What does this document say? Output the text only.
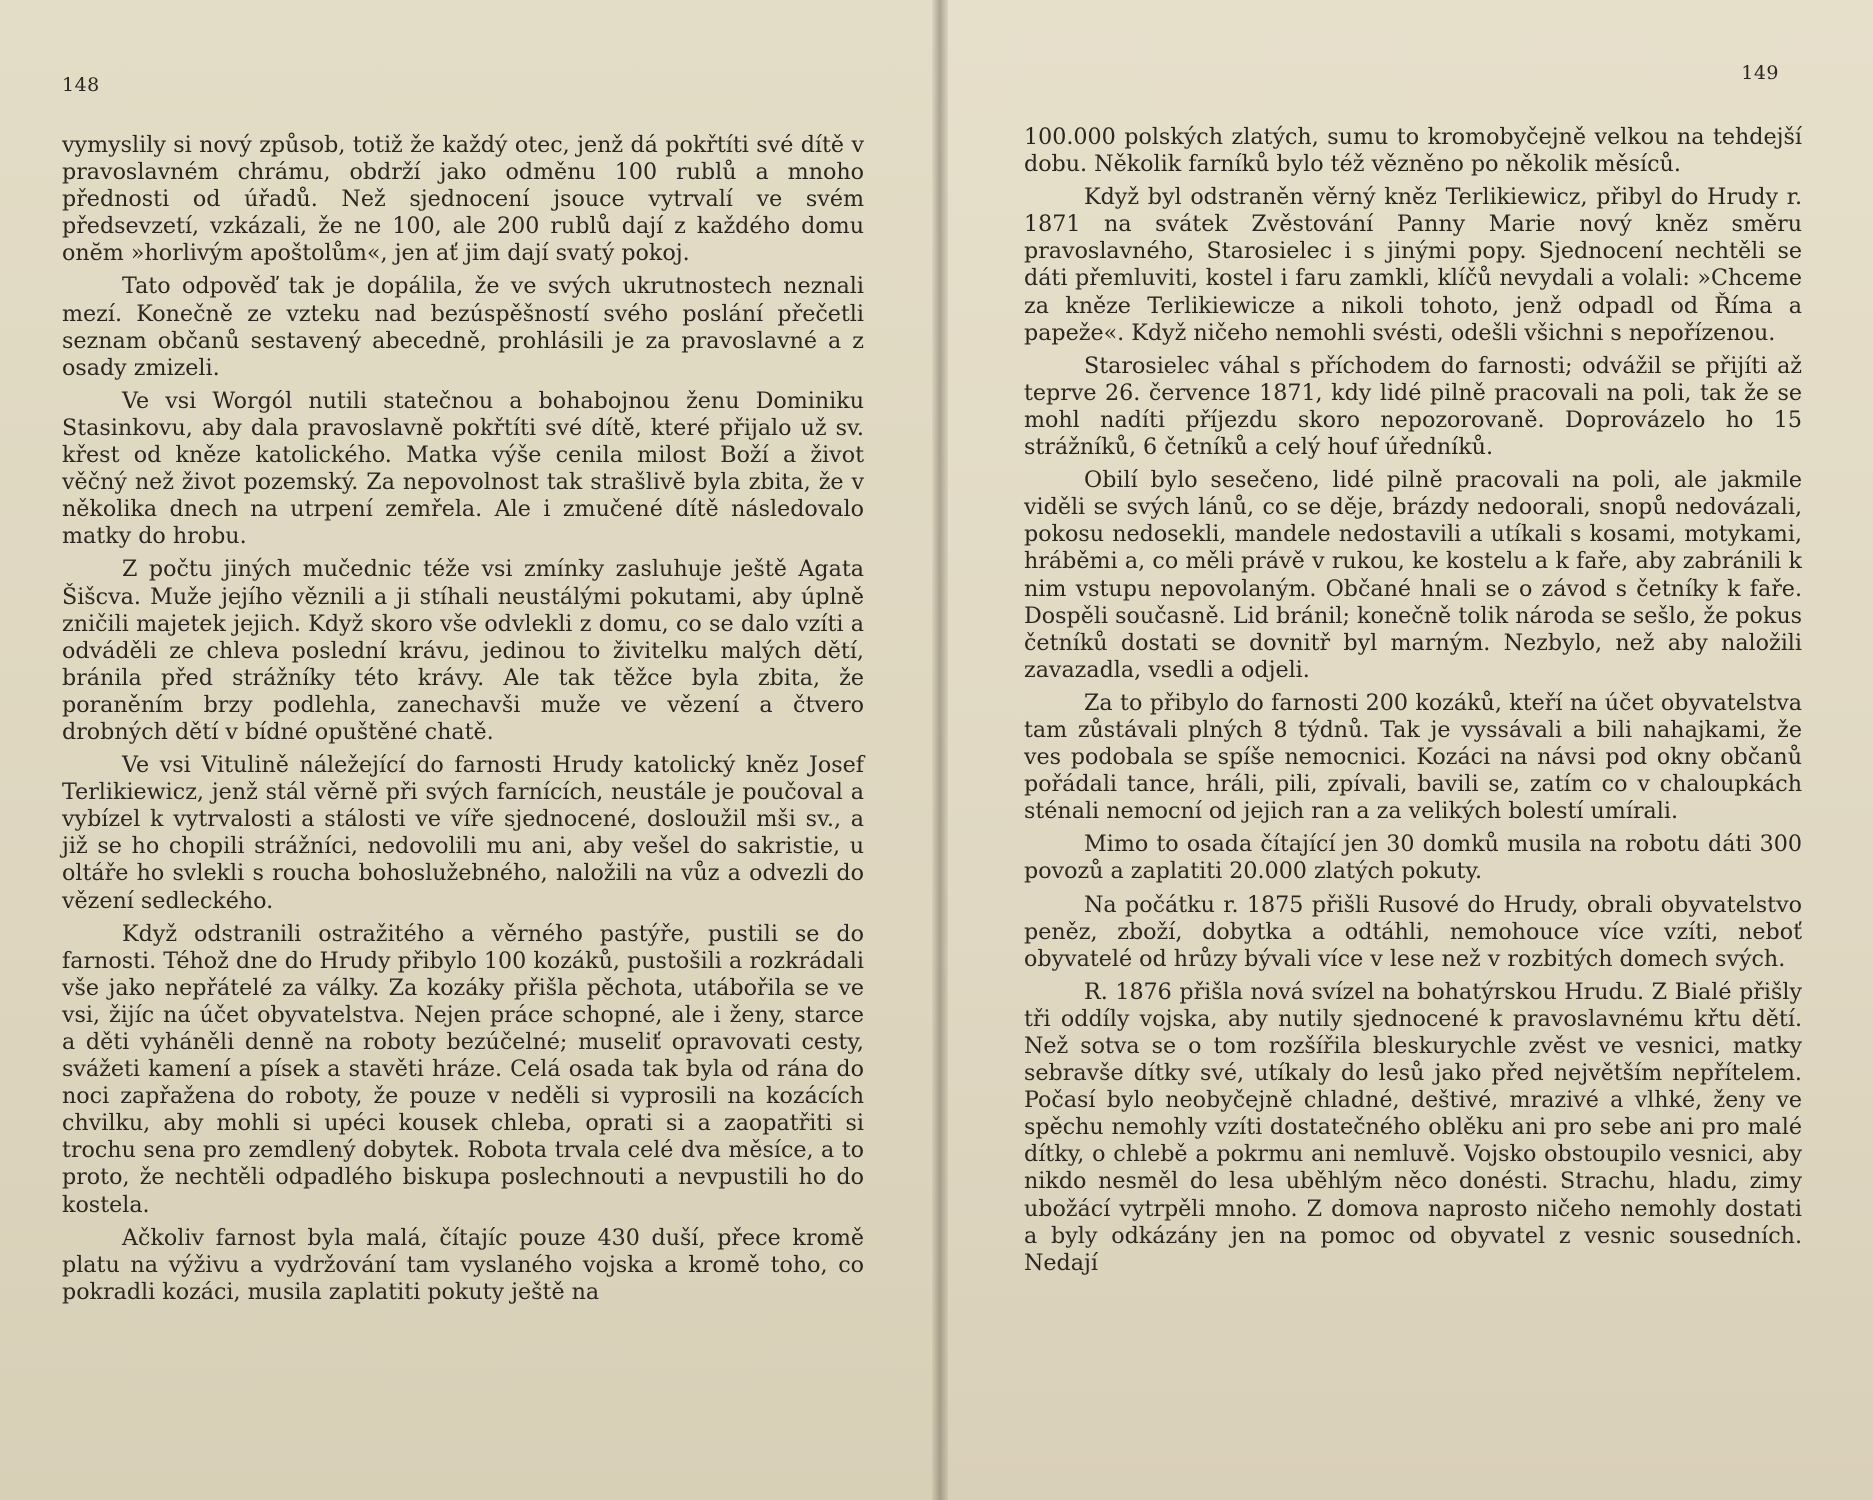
148

vymyslily si nový způsob, totiž že každý otec, jenž dá pokřtíti své dítě v pravoslavném chrámu, obdrží jako odměnu 100 rublů a mnoho přednosti od úřadů. Než sjednocení jsouce vytrvalí ve svém předsevzetí, vzkázali, že ne 100, ale 200 rublů dají z každého domu onĕm »horlivým apoštolům«, jen ať jim dají svatý pokoj.

Tato odpověď tak je dopálila, že ve svých ukrutnostech neznali mezí. Konečně ze vzteku nad bezúspěšností svého poslání přečetli seznam občanů sestavený abecedně, prohlásili je za pravoslavné a z osady zmizeli.

Ve vsi Worgól nutili statečnou a bohabojnou ženu Dominiku Stasinkovu, aby dala pravoslavně pokřtíti své dítě, které přijalo už sv. křest od kněze katolického. Matka výše cenila milost Boží a život věčný než život pozemský. Za nepovolnost tak strašlivě byla zbita, že v několika dnech na utrpení zemřela. Ale i zmučené dítě následovalo matky do hrobu.

Z počtu jiných mučednic téže vsi zmínky zasluhuje ještě Agata Šišcva. Muže jejího věznili a ji stíhali neustálými pokutami, aby úplně zničili majetek jejich. Když skoro vše odvlekli z domu, co se dalo vzíti a odváděli ze chleva poslední krávu, jedinou to živitelku malých dětí, bránila před strážníky této krávy. Ale tak těžce byla zbita, že poraněním brzy podlehla, zanechavši muže ve vězení a čtvero drobných dětí v bídné opuštěné chatě.

Ve vsi Vitulině náležející do farnosti Hrudy katolický kněz Josef Terlikiewicz, jenž stál věrně při svých farnících, neustále je poučoval a vybízel k vytrvalosti a stálosti ve víře sjednocené, dosloužil mši sv., a již se ho chopili strážníci, nedovolili mu ani, aby vešel do sakristie, u oltáře ho svlekli s roucha bohoslužebného, naložili na vůz a odvezli do vězení sedleckého.

Když odstranili ostražitého a věrného pastýře, pustili se do farnosti. Téhož dne do Hrudy přibylo 100 kozáků, pustošili a rozkrádali vše jako nepřátelé za války. Za kozáky přišla pěchota, utábořila se ve vsi, žijíc na účet obyvatelstva. Nejen práce schopné, ale i ženy, starce a děti vyháněli denně na roboty bezúčelné; museliť opravovati cesty, svážeti kamení a písek a stavěti hráze. Celá osada tak byla od rána do noci zapřažena do roboty, že pouze v neděli si vyprosili na kozácích chvilku, aby mohli si upéci kousek chleba, oprati si a zaopatřiti si trochu sena pro zemdlený dobytek. Robota trvala celé dva měsíce, a to proto, že nechtěli odpadlého biskupa poslechnouti a nevpustili ho do kostela.

Ačkoliv farnost byla malá, čítajíc pouze 430 duší, přece kromě platu na výživu a vydržování tam vyslaného vojska a kromě toho, co pokradli kozáci, musila zaplatiti pokuty ještě na

149

100.000 polských zlatých, sumu to kromobyčejně velkou na tehdejší dobu. Několik farníků bylo též vězněno po několik měsíců.

Když byl odstraněn věrný kněz Terlikiewicz, přibyl do Hrudy r. 1871 na svátek Zvěstování Panny Marie nový kněz směru pravoslavného, Starosielec i s jinými popy. Sjednocení nechtěli se dáti přemluviti, kostel i faru zamkli, klíčů nevydali a volali: »Chceme za kněze Terlikiewicze a nikoli tohoto, jenž odpadl od Říma a papeže«. Když ničeho nemohli svésti, odešli všichni s nepořízenou.

Starosielec váhal s příchodem do farnosti; odvážil se přijíti až teprve 26. července 1871, kdy lidé pilně pracovali na poli, tak že se mohl nadíti příjezdu skoro nepozorovaně. Doprovázelo ho 15 strážníků, 6 četníků a celý houf úředníků.

Obilí bylo sesečeno, lidé pilně pracovali na poli, ale jakmile viděli se svých lánů, co se děje, brázdy nedoorali, snopů nedovázali, pokosu nedosekli, mandele nedostavili a utíkali s kosami, motykami, hráběmi a, co měli právě v rukou, ke kostelu a k faře, aby zabránili k nim vstupu nepovolaným. Občané hnali se o závod s četníky k faře. Dospěli současně. Lid bránil; konečně tolik národa se sešlo, že pokus četníků dostati se dovnitř byl marným. Nezbylo, než aby naložili zavazadla, vsedli a odjeli.

Za to přibylo do farnosti 200 kozáků, kteří na účet obyvatelstva tam zůstávali plných 8 týdnů. Tak je vyssávali a bili nahajkami, že ves podobala se spíše nemocnici. Kozáci na návsi pod okny občanů pořádali tance, hráli, pili, zpívali, bavili se, zatím co v chaloupkách sténali nemocní od jejich ran a za velikých bolestí umírali.

Mimo to osada čítající jen 30 domků musila na robotu dáti 300 povozů a zaplatiti 20.000 zlatých pokuty.

Na počátku r. 1875 přišli Rusové do Hrudy, obrali obyvatelstvo peněz, zboží, dobytka a odtáhli, nemohouce více vzíti, neboť obyvatelé od hrůzy bývali více v lese než v rozbitých domech svých.

R. 1876 přišla nová svízel na bohatýrskou Hrudu. Z Bialé přišly tři oddíly vojska, aby nutily sjednocené k pravoslavnému křtu dětí. Než sotva se o tom rozšířila bleskurychle zvěst ve vesnici, matky sebravše dítky své, utíkaly do lesů jako před největším nepřítelem. Počasí bylo neobyčejně chladné, deštivé, mrazivé a vlhké, ženy ve spěchu nemohly vzíti dostatečného oblěku ani pro sebe ani pro malé dítky, o chlebě a pokrmu ani nemluvě. Vojsko obstoupilo vesnici, aby nikdo nesměl do lesa uběhlým něco donésti. Strachu, hladu, zimy ubožácí vytrpěli mnoho. Z domova naprosto ničeho nemohly dostati a byly odkázány jen na pomoc od obyvatel z vesnic sousedních. Nedají
